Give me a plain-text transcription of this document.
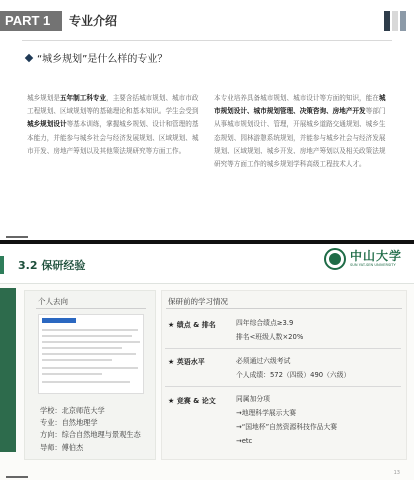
PART 1	专业介绍
“城乡规划”是什么样的专业？

城乡规划是五年制工科专业，主要含括城市规划、城市市政工程规划、区域规划等的基础理论和基本知识。学生会受到城乡规划设计等基本训练，掌握城乡规划、设计和管理的基本能力，并能参与城乡社会与经济发展规划、区域规划、城市开发、房地产筹划以及其他策法规研究等方面工作。

本专业培养具备城市规划、城市设计等方面的知识，能在城市规划设计、城市规划管理、决策咨询、房地产开发等部门从事城市规划设计、管理，开展城乡道路交通规划、城乡生态规划、园林游憩系统规划，并能参与城乡社会与经济发展规划、区域规划、城乡开发、房地产筹划以及相关政策法规研究等方面工作的城乡规划学科高级工程技术人才。

3.2 保研经验
中山大学
SUN YAT-SEN UNIVERSITY
个人去向
学校：北京师范大学
专业：自然地理学
方向：综合自然地理与景观生态
导师：傅伯杰
保研前的学习情况
★ 绩点 & 排名	四年综合绩点≥3.9
排名<班级人数×20%
★ 英语水平	必须通过六级考试
个人成绩：572（四级）490（六级）
★ 竞赛 & 论文	同属加分项
→地理科学展示大赛
→“国地杯”自然资源科技作品大赛
→etc
13
